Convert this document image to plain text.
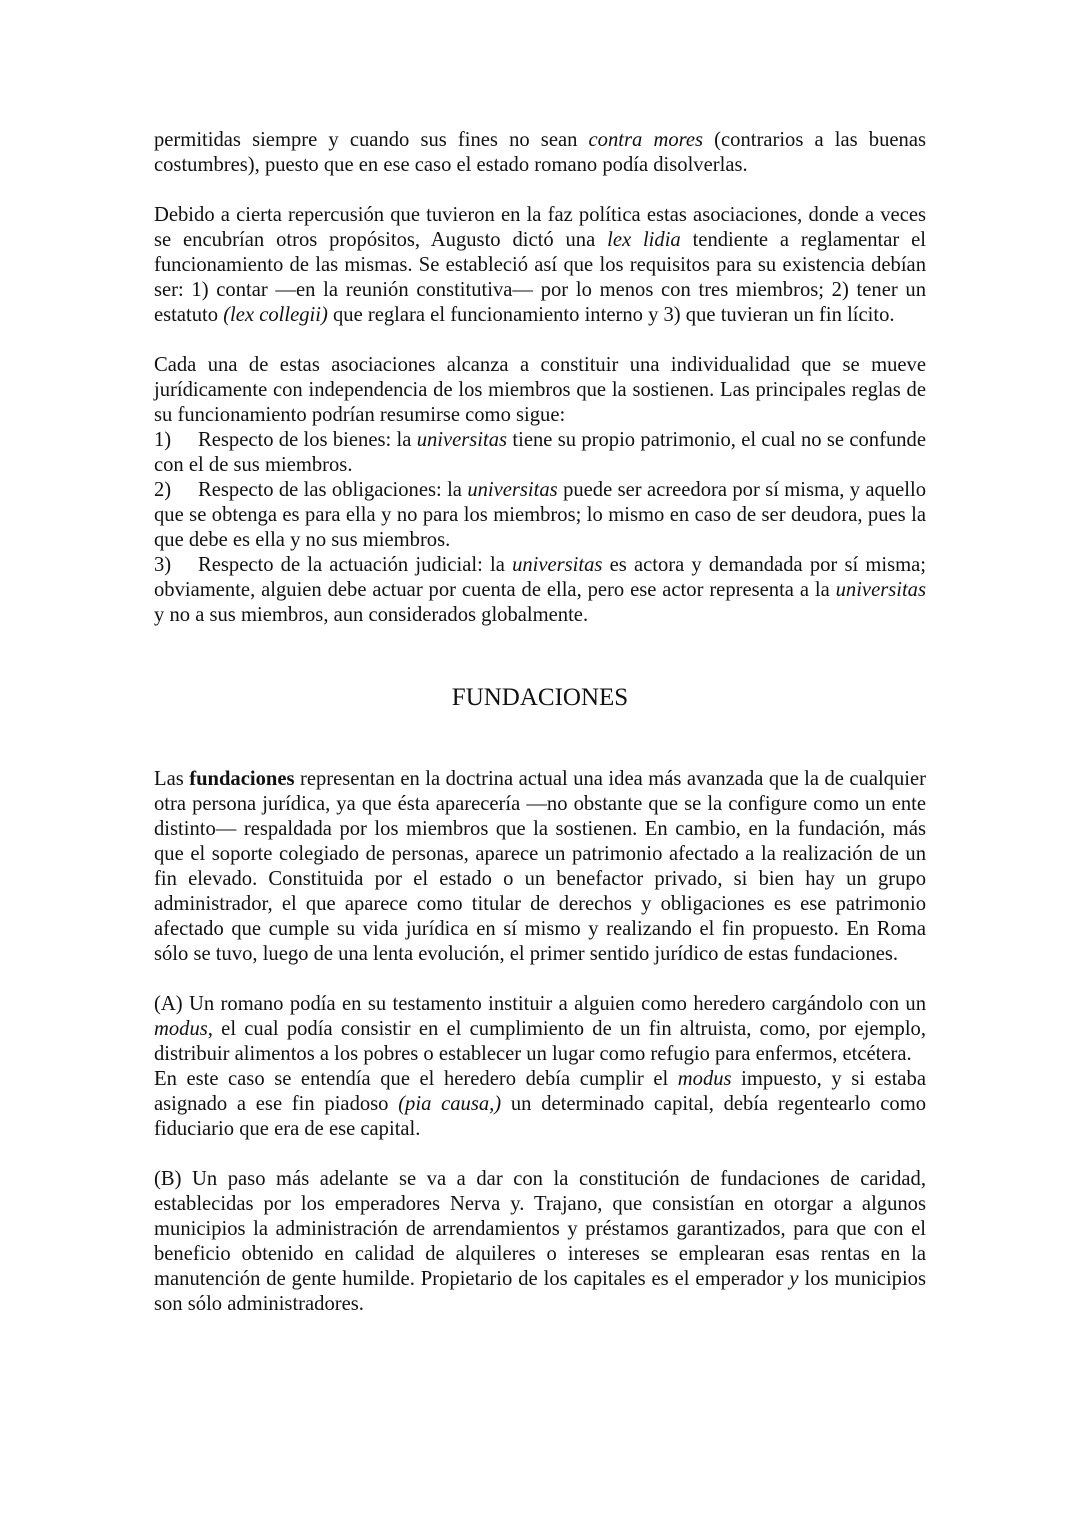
permitidas siempre y cuando sus fines no sean contra mores (contrarios a las buenas costumbres), puesto que en ese caso el estado romano podía disolverlas.

Debido a cierta repercusión que tuvieron en la faz política estas asociaciones, donde a veces se encubrían otros propósitos, Augusto dictó una lex lidia tendiente a reglamentar el funcionamiento de las mismas. Se estableció así que los requisitos para su existencia debían ser: 1) contar —en la reunión constitutiva— por lo menos con tres miembros; 2) tener un estatuto (lex collegii) que reglara el funcionamiento interno y 3) que tuvieran un fin lícito.

Cada una de estas asociaciones alcanza a constituir una individualidad que se mueve jurídicamente con independencia de los miembros que la sostienen. Las principales reglas de su funcionamiento podrían resumirse como sigue:

1) Respecto de los bienes: la universitas tiene su propio patrimonio, el cual no se confunde con el de sus miembros.

2) Respecto de las obligaciones: la universitas puede ser acreedora por sí misma, y aquello que se obtenga es para ella y no para los miembros; lo mismo en caso de ser deudora, pues la que debe es ella y no sus miembros.

3) Respecto de la actuación judicial: la universitas es actora y demandada por sí misma; obviamente, alguien debe actuar por cuenta de ella, pero ese actor representa a la universitas y no a sus miembros, aun considerados globalmente.

FUNDACIONES

Las fundaciones representan en la doctrina actual una idea más avanzada que la de cualquier otra persona jurídica, ya que ésta aparecería —no obstante que se la configure como un ente distinto— respaldada por los miembros que la sostienen. En cambio, en la fundación, más que el soporte colegiado de personas, aparece un patrimonio afectado a la realización de un fin elevado. Constituida por el estado o un benefactor privado, si bien hay un grupo administrador, el que aparece como titular de derechos y obligaciones es ese patrimonio afectado que cumple su vida jurídica en sí mismo y realizando el fin propuesto. En Roma sólo se tuvo, luego de una lenta evolución, el primer sentido jurídico de estas fundaciones.

(A) Un romano podía en su testamento instituir a alguien como heredero cargándolo con un modus, el cual podía consistir en el cumplimiento de un fin altruista, como, por ejemplo, distribuir alimentos a los pobres o establecer un lugar como refugio para enfermos, etcétera.

En este caso se entendía que el heredero debía cumplir el modus impuesto, y si estaba asignado a ese fin piadoso (pia causa,) un determinado capital, debía regentearlo como fiduciario que era de ese capital.

(B) Un paso más adelante se va a dar con la constitución de fundaciones de caridad, establecidas por los emperadores Nerva y. Trajano, que consistían en otorgar a algunos municipios la administración de arrendamientos y préstamos garantizados, para que con el beneficio obtenido en calidad de alquileres o intereses se emplearan esas rentas en la manutención de gente humilde. Propietario de los capitales es el emperador y los municipios son sólo administradores.
